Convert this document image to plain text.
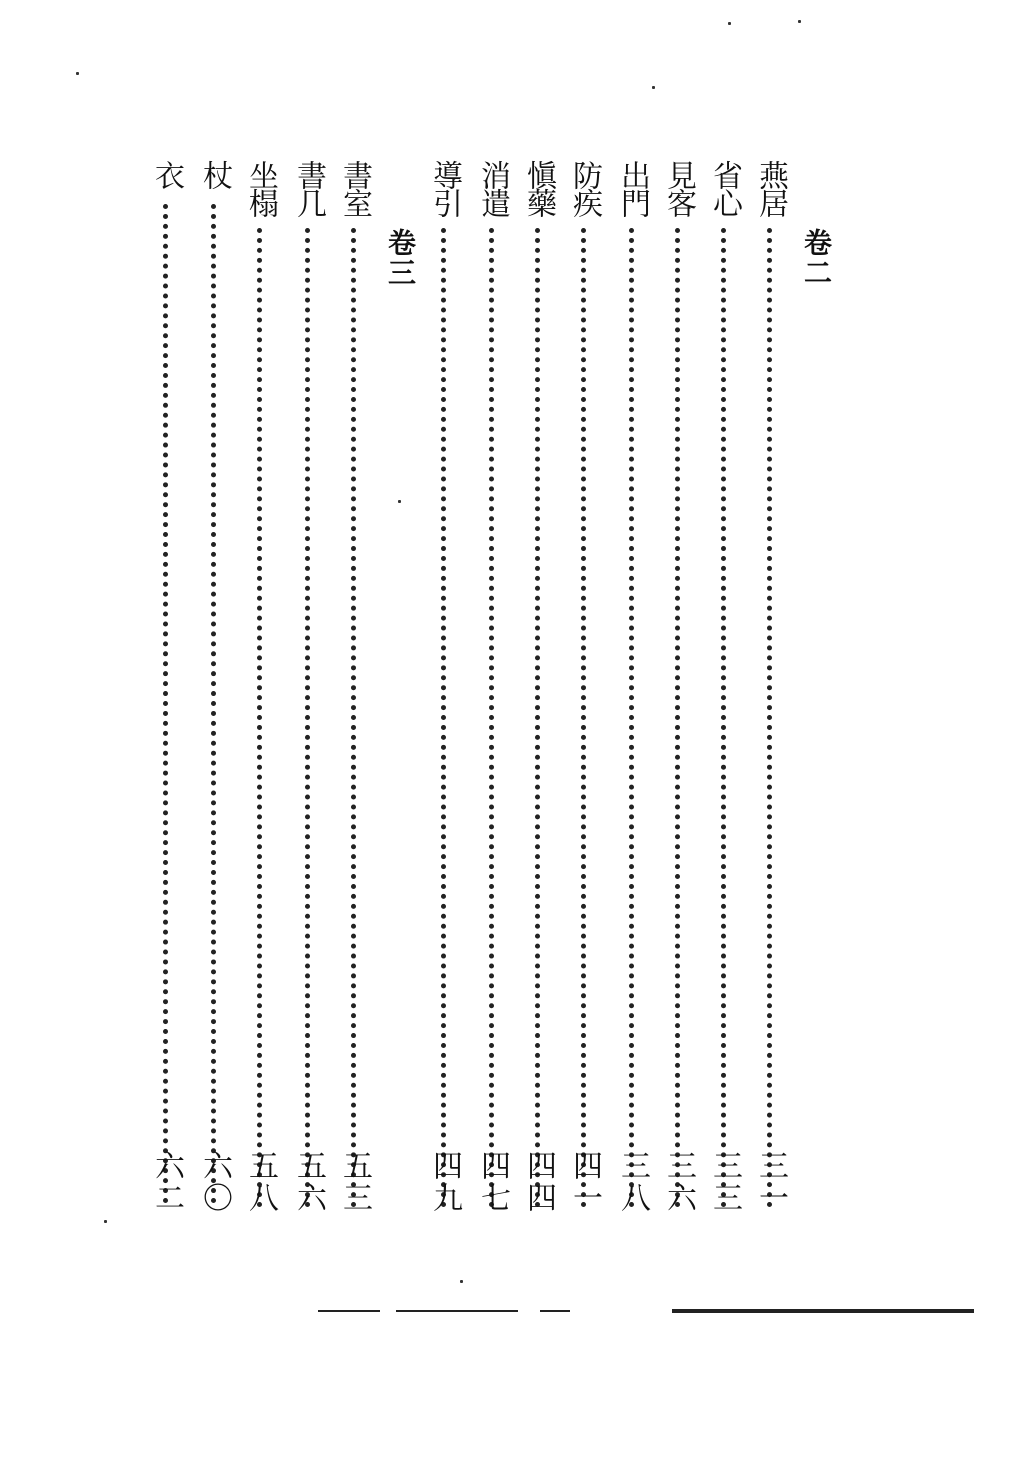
卷二
燕居
三一
省心
三三
見客
三六
出門
三八
防疾
四一
愼藥
四四
消遣
四七
導引
四九
卷三
書室
五三
書几
五六
坐榻
五八
杖
六〇
衣
六二
